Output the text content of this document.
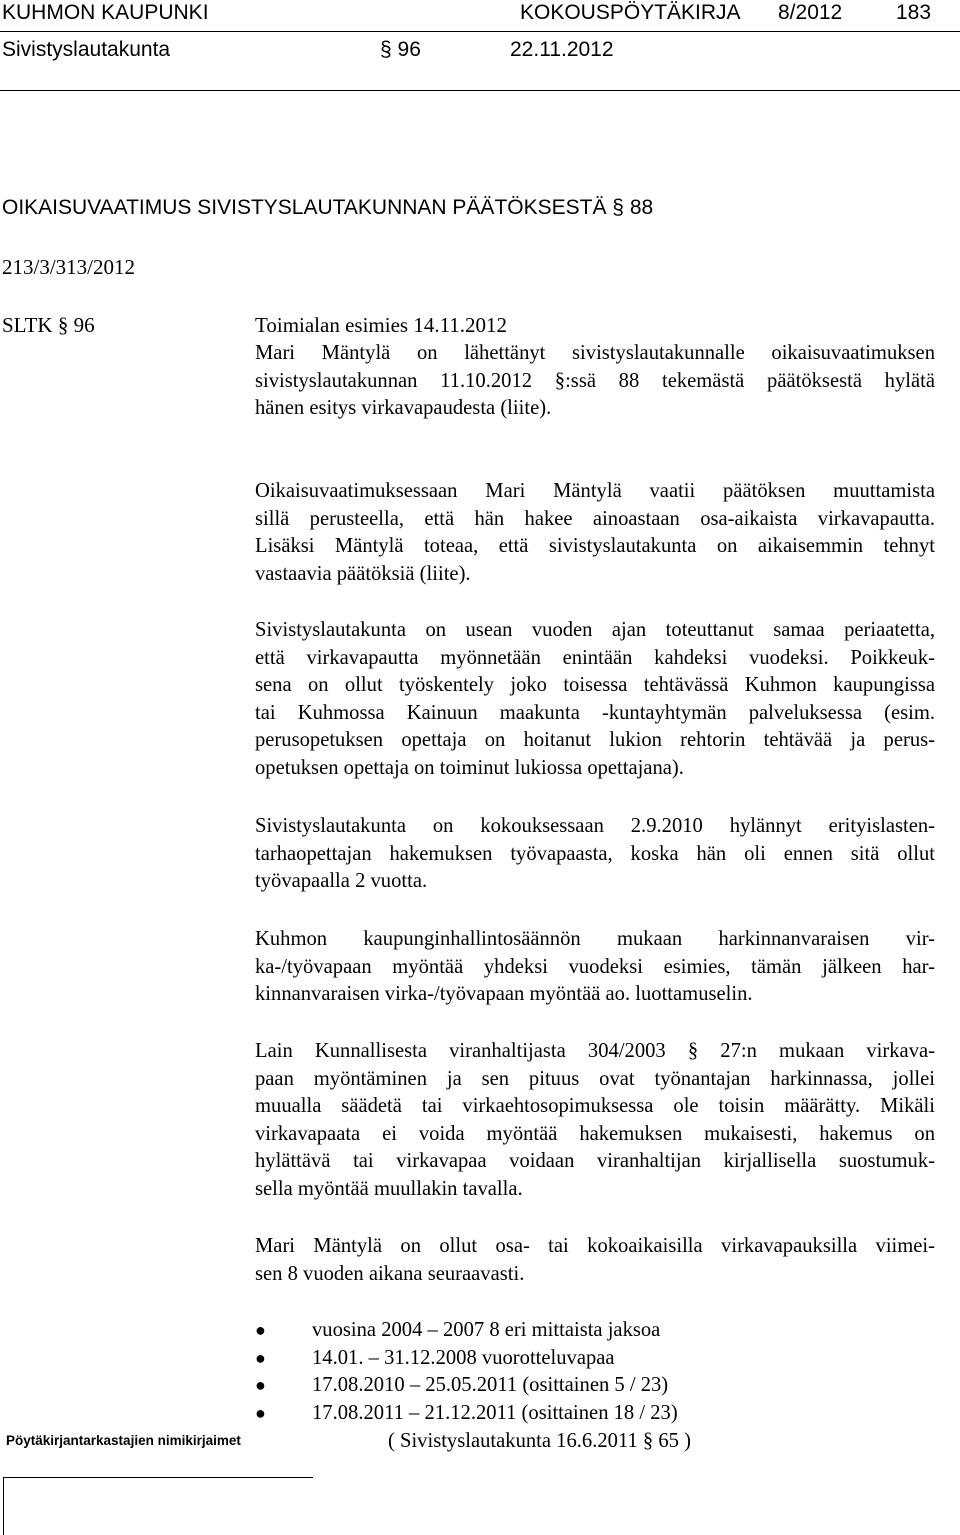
KUHMON KAUPUNKI	KOKOUSPÖYTÄKIRJA 8/2012	183
Sivistyslautakunta	§ 96	22.11.2012
OIKAISUVAATIMUS SIVISTYSLAUTAKUNNAN PÄÄTÖKSESTÄ § 88
213/3/313/2012
SLTK § 96	Toimialan esimies 14.11.2012
Mari Mäntylä on lähettänyt sivistyslautakunnalle oikaisuvaatimuksen
sivistyslautakunnan 11.10.2012 §:ssä 88 tekemästä päätöksestä hylätä
hänen esitys virkavapaudesta (liite).
Oikaisuvaatimuksessaan Mari Mäntylä vaatii päätöksen muuttamista
sillä perusteella, että hän hakee ainoastaan osa-aikaista virkavapautta.
Lisäksi Mäntylä toteaa, että sivistyslautakunta on aikaisemmin tehnyt
vastaavia päätöksiä (liite).
Sivistyslautakunta on usean vuoden ajan toteuttanut samaa periaatetta,
että virkavapautta myönnetään enintään kahdeksi vuodeksi. Poikkeuk-
sena on ollut työskentely joko toisessa tehtävässä Kuhmon kaupungissa
tai Kuhmossa Kainuun maakunta -kuntayhtymän palveluksessa (esim.
perusopetuksen opettaja on hoitanut lukion rehtorin tehtävää ja perus-
opetuksen opettaja on toiminut lukiossa opettajana).
Sivistyslautakunta on kokouksessaan 2.9.2010 hylännyt erityislasten-
tarhaopettajan hakemuksen työvapaasta, koska hän oli ennen sitä ollut
työvapaalla 2 vuotta.
Kuhmon kaupunginhallintosäännön mukaan harkinnanvaraisen vir-
ka-/työvapaan myöntää yhdeksi vuodeksi esimies, tämän jälkeen har-
kinnanvaraisen virka-/työvapaan myöntää ao. luottamuselin.
Lain Kunnallisesta viranhaltijasta 304/2003 § 27:n mukaan virkava-
paan myöntäminen ja sen pituus ovat työnantajan harkinnassa, jollei
muualla säädetä tai virkaehtosopimuksessa ole toisin määrätty. Mikäli
virkavapaata ei voida myöntää hakemuksen mukaisesti, hakemus on
hylättävä tai virkavapaa voidaan viranhaltijan kirjallisella suostumuk-
sella myöntää muullakin tavalla.
Mari Mäntylä on ollut osa- tai kokoaikaisilla virkavapauksilla viimei-
sen 8 vuoden aikana seuraavasti.
●	vuosina 2004 – 2007 8 eri mittaista jaksoa
●	14.01. – 31.12.2008 vuorotteluvapaa
●	17.08.2010 – 25.05.2011 (osittainen 5 / 23)
●	17.08.2011 – 21.12.2011 (osittainen 18 / 23)
( Sivistyslautakunta 16.6.2011 § 65 )
Pöytäkirjantarkastajien nimikirjaimet
